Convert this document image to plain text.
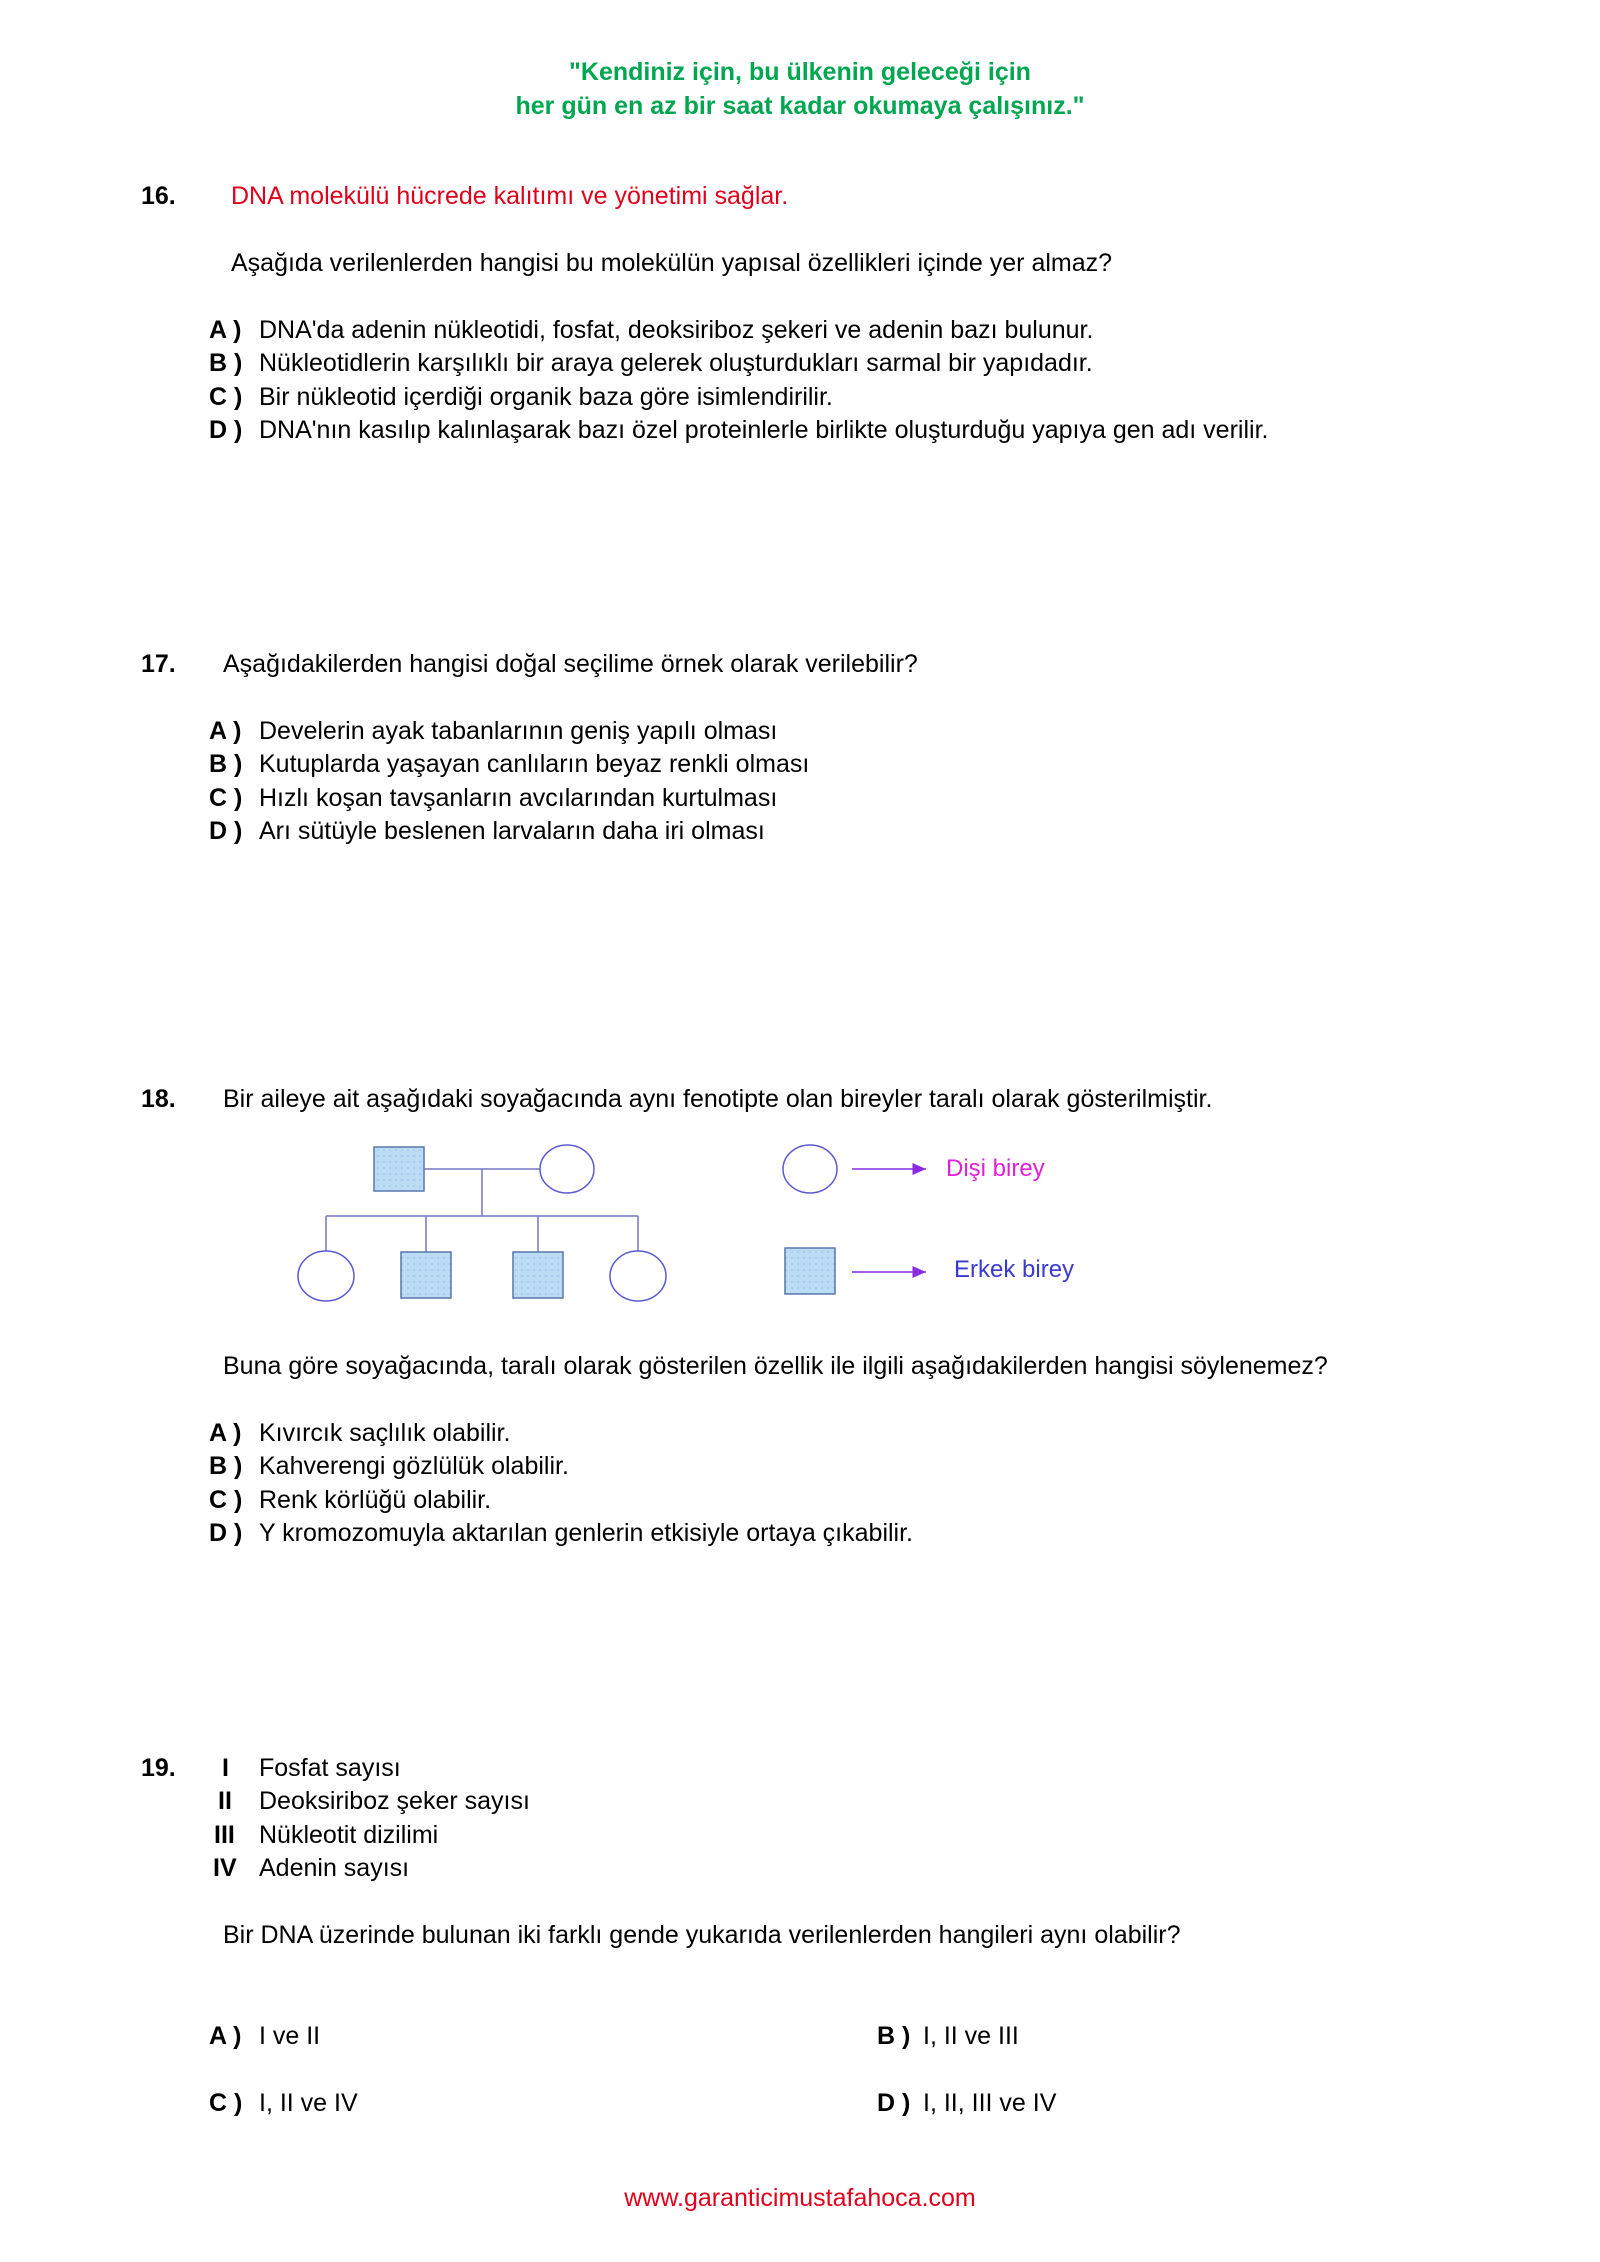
"Kendiniz için, bu ülkenin geleceği için
her gün en az bir saat kadar okumaya çalışınız."
16. DNA molekülü hücrede kalıtımı ve yönetimi sağlar.
Aşağıda verilenlerden hangisi bu molekülün yapısal özellikleri içinde yer almaz?
A ) DNA'da adenin nükleotidi, fosfat, deoksiriboz şekeri ve adenin bazı bulunur.
B ) Nükleotidlerin karşılıklı bir araya gelerek oluşturdukları sarmal bir yapıdadır.
C ) Bir nükleotid içerdiği organik baza göre isimlendirilir.
D ) DNA'nın kasılıp kalınlaşarak bazı özel proteinlerle birlikte oluşturduğu yapıya gen adı verilir.
17. Aşağıdakilerden hangisi doğal seçilime örnek olarak verilebilir?
A ) Develerin ayak tabanlarının geniş yapılı olması
B ) Kutuplarda yaşayan canlıların beyaz renkli olması
C ) Hızlı koşan tavşanların avcılarından kurtulması
D ) Arı sütüyle beslenen larvaların daha iri olması
18. Bir aileye ait aşağıdaki soyağacında aynı fenotipte olan bireyler taralı olarak gösterilmiştir.
Dişi birey
Erkek birey
Buna göre soyağacında, taralı olarak gösterilen özellik ile ilgili aşağıdakilerden hangisi söylenemez?
A ) Kıvırcık saçlılık olabilir.
B ) Kahverengi gözlülük olabilir.
C ) Renk körlüğü olabilir.
D ) Y kromozomuyla aktarılan genlerin etkisiyle ortaya çıkabilir.
19. I Fosfat sayısı
II Deoksiriboz şeker sayısı
III Nükleotit dizilimi
IV Adenin sayısı
Bir DNA üzerinde bulunan iki farklı gende yukarıda verilenlerden hangileri aynı olabilir?
A ) I ve II	B ) I, II ve III
C ) I, II ve IV	D ) I, II, III ve IV
www.garanticimustafahoca.com
